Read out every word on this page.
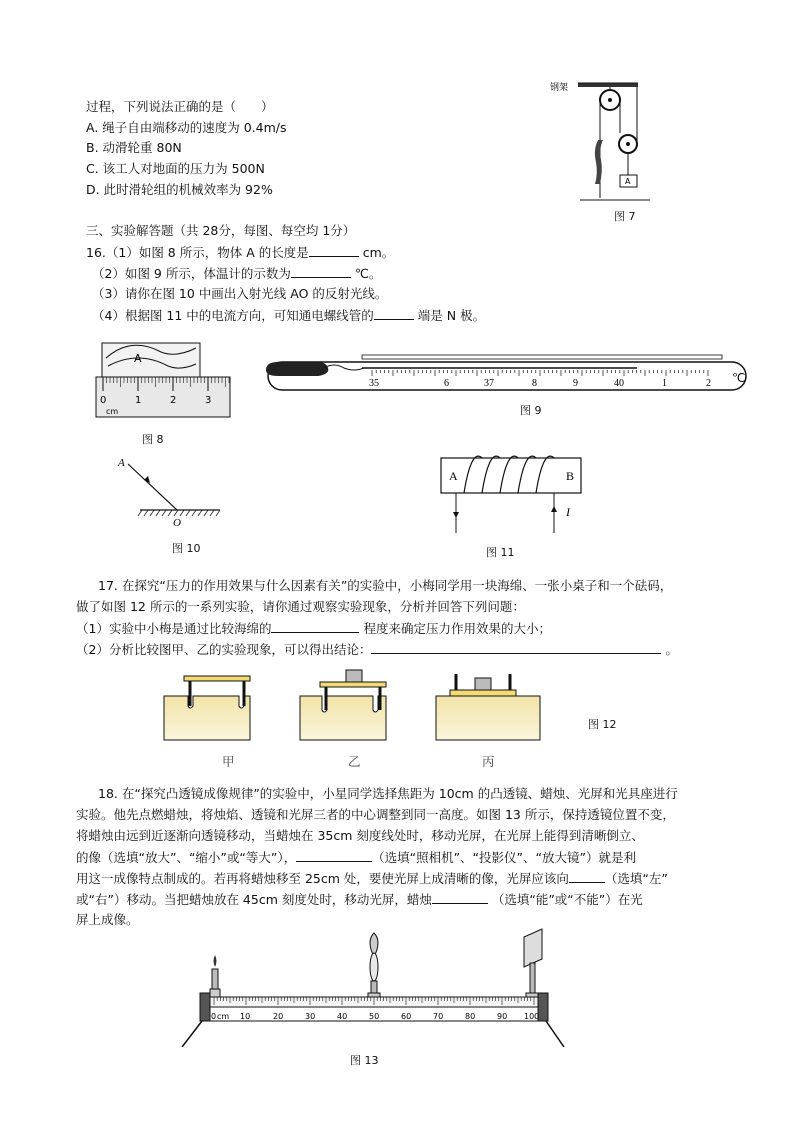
过程，下列说法正确的是（　　）
A. 绳子自由端移动的速度为 0.4m/s
B. 动滑轮重 80N
C. 该工人对地面的压力为 500N
D. 此时滑轮组的机械效率为 92%
钢架
A
图 7
三、实验解答题（共 28分，每图、每空均 1分）
16.（1）如图 8 所示，物体 A 的长度是	cm。
（2）如图 9 所示，体温计的示数为	℃。
（3）请你在图 10 中画出入射光线 AO 的反射光线。
（4）根据图 11 中的电流方向，可知通电螺线管的	端是 N 极。
A
0	1	2	3
cm
图 8
35	6	37	8	9	40	1	2 ℃
图 9
A
O
图 10
A	B
I
图 11
17. 在探究“压力的作用效果与什么因素有关”的实验中，小梅同学用一块海绵、一张小桌子和一个砝码，
做了如图 12 所示的一系列实验，请你通过观察实验现象，分析并回答下列问题：
（1）实验中小梅是通过比较海绵的	程度来确定压力作用效果的大小；
（2）分析比较图甲、乙的实验现象，可以得出结论：	。
图 12
甲	乙	丙
18. 在“探究凸透镜成像规律”的实验中，小星同学选择焦距为 10cm 的凸透镜、蜡烛、光屏和光具座进行
实验。他先点燃蜡烛，将烛焰、透镜和光屏三者的中心调整到同一高度。如图 13 所示，保持透镜位置不变，
将蜡烛由远到近逐渐向透镜移动，当蜡烛在 35cm 刻度线处时，移动光屏，在光屏上能得到清晰倒立、
的像（选填“放大”、“缩小”或“等大”），	（选填“照相机”、“投影仪”、“放大镜”）就是利
用这一成像特点制成的。若再将蜡烛移至 25cm 处，要使光屏上成清晰的像，光屏应该向	（选填“左”
或“右”）移动。当把蜡烛放在 45cm 刻度处时，移动光屏，蜡烛	（选填“能”或“不能”）在光
屏上成像。
0 cm 10	20	30	40	50	60	70	80	90 100
图 13
